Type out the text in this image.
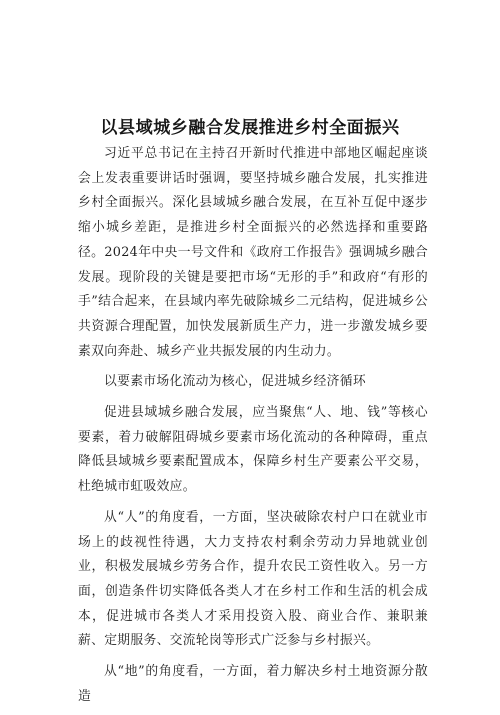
以县域城乡融合发展推进乡村全面振兴

习近平总书记在主持召开新时代推进中部地区崛起座谈会上发表重要讲话时强调，要坚持城乡融合发展，扎实推进乡村全面振兴。深化县域城乡融合发展，在互补互促中逐步缩小城乡差距，是推进乡村全面振兴的必然选择和重要路径。2024年中央一号文件和《政府工作报告》强调城乡融合发展。现阶段的关键是要把市场“无形的手”和政府“有形的手”结合起来，在县域内率先破除城乡二元结构，促进城乡公共资源合理配置，加快发展新质生产力，进一步激发城乡要素双向奔赴、城乡产业共振发展的内生动力。

以要素市场化流动为核心，促进城乡经济循环

促进县域城乡融合发展，应当聚焦“人、地、钱”等核心要素，着力破解阻碍城乡要素市场化流动的各种障碍，重点降低县域城乡要素配置成本，保障乡村生产要素公平交易，杜绝城市虹吸效应。

从“人”的角度看，一方面，坚决破除农村户口在就业市场上的歧视性待遇，大力支持农村剩余劳动力异地就业创业，积极发展城乡劳务合作，提升农民工资性收入。另一方面，创造条件切实降低各类人才在乡村工作和生活的机会成本，促进城市各类人才采用投资入股、商业合作、兼职兼薪、定期服务、交流轮岗等形式广泛参与乡村振兴。

从“地”的角度看，一方面，着力解决乡村土地资源分散造
